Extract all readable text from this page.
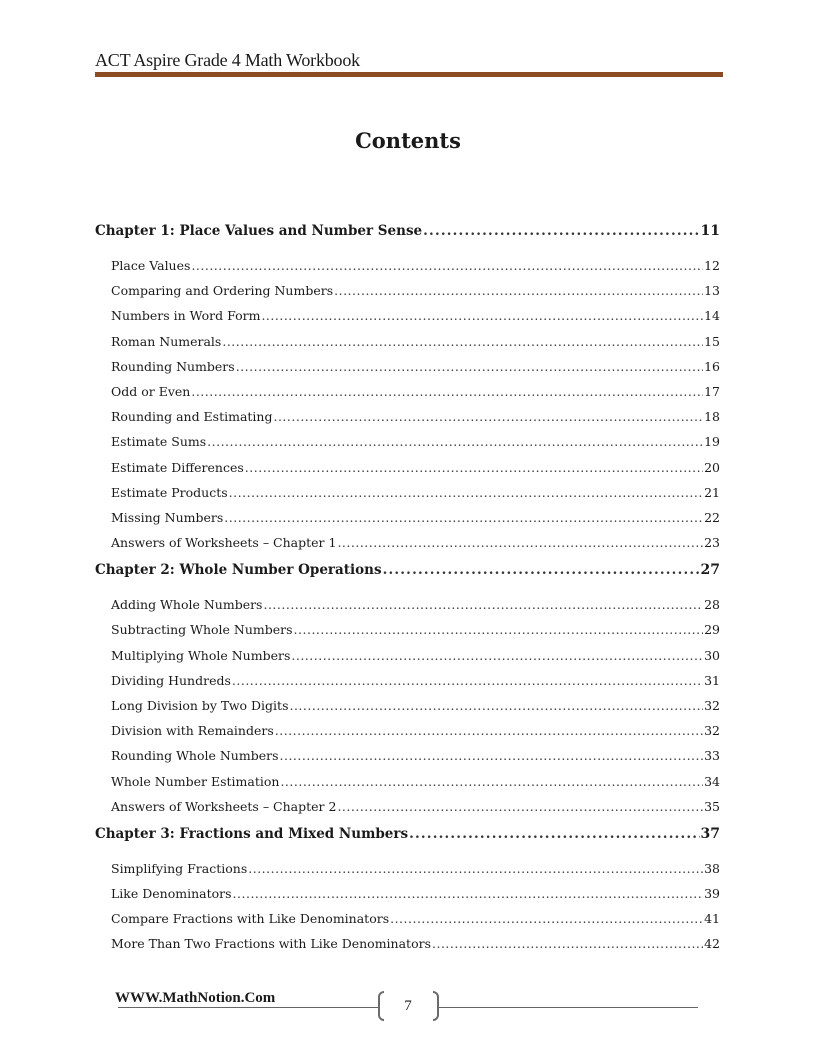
ACT Aspire Grade 4 Math Workbook
Contents
Chapter 1: Place Values and Number Sense .....	11
Place Values .....	12
Comparing and Ordering Numbers .....	13
Numbers in Word Form .....	14
Roman Numerals .....	15
Rounding Numbers .....	16
Odd or Even .....	17
Rounding and Estimating .....	18
Estimate Sums .....	19
Estimate Differences .....	20
Estimate Products .....	21
Missing Numbers .....	22
Answers of Worksheets – Chapter 1 .....	23
Chapter 2: Whole Number Operations .....	27
Adding Whole Numbers .....	28
Subtracting Whole Numbers .....	29
Multiplying Whole Numbers .....	30
Dividing Hundreds .....	31
Long Division by Two Digits .....	32
Division with Remainders .....	32
Rounding Whole Numbers .....	33
Whole Number Estimation .....	34
Answers of Worksheets – Chapter 2 .....	35
Chapter 3: Fractions and Mixed Numbers .....	37
Simplifying Fractions .....	38
Like Denominators .....	39
Compare Fractions with Like Denominators .....	41
More Than Two Fractions with Like Denominators .....	42
WWW.MathNotion.Com	7
